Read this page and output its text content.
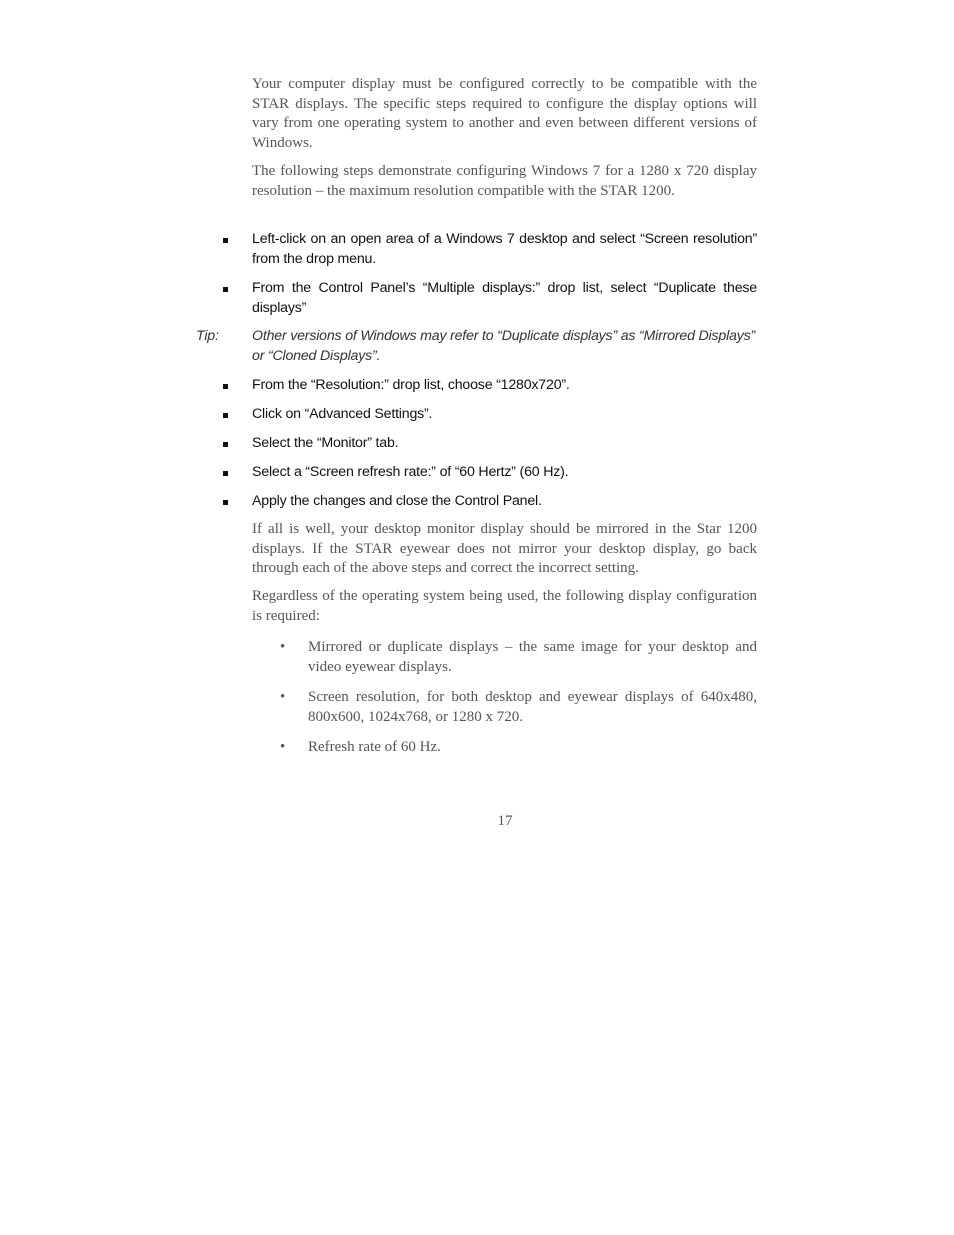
Your computer display must be configured correctly to be compatible with the STAR displays. The specific steps required to configure the display options will vary from one operating system to another and even between different versions of Windows.

The following steps demonstrate configuring Windows 7 for a 1280 x 720 display resolution – the maximum resolution compatible with the STAR 1200.

Left-click on an open area of a Windows 7 desktop and select “Screen resolution” from the drop menu.
From the Control Panel’s “Multiple displays:” drop list, select “Duplicate these displays”
Tip: Other versions of Windows may refer to “Duplicate displays” as “Mirrored Displays” or “Cloned Displays”.
From the “Resolution:” drop list, choose “1280x720”.
Click on “Advanced Settings”.
Select the “Monitor” tab.
Select a “Screen refresh rate:” of “60 Hertz” (60 Hz).
Apply the changes and close the Control Panel.

If all is well, your desktop monitor display should be mirrored in the Star 1200 displays. If the STAR eyewear does not mirror your desktop display, go back through each of the above steps and correct the incorrect setting.

Regardless of the operating system being used, the following display configuration is required:

• Mirrored or duplicate displays – the same image for your desktop and video eyewear displays.
• Screen resolution, for both desktop and eyewear displays of 640x480, 800x600, 1024x768, or 1280 x 720.
• Refresh rate of 60 Hz.
17
